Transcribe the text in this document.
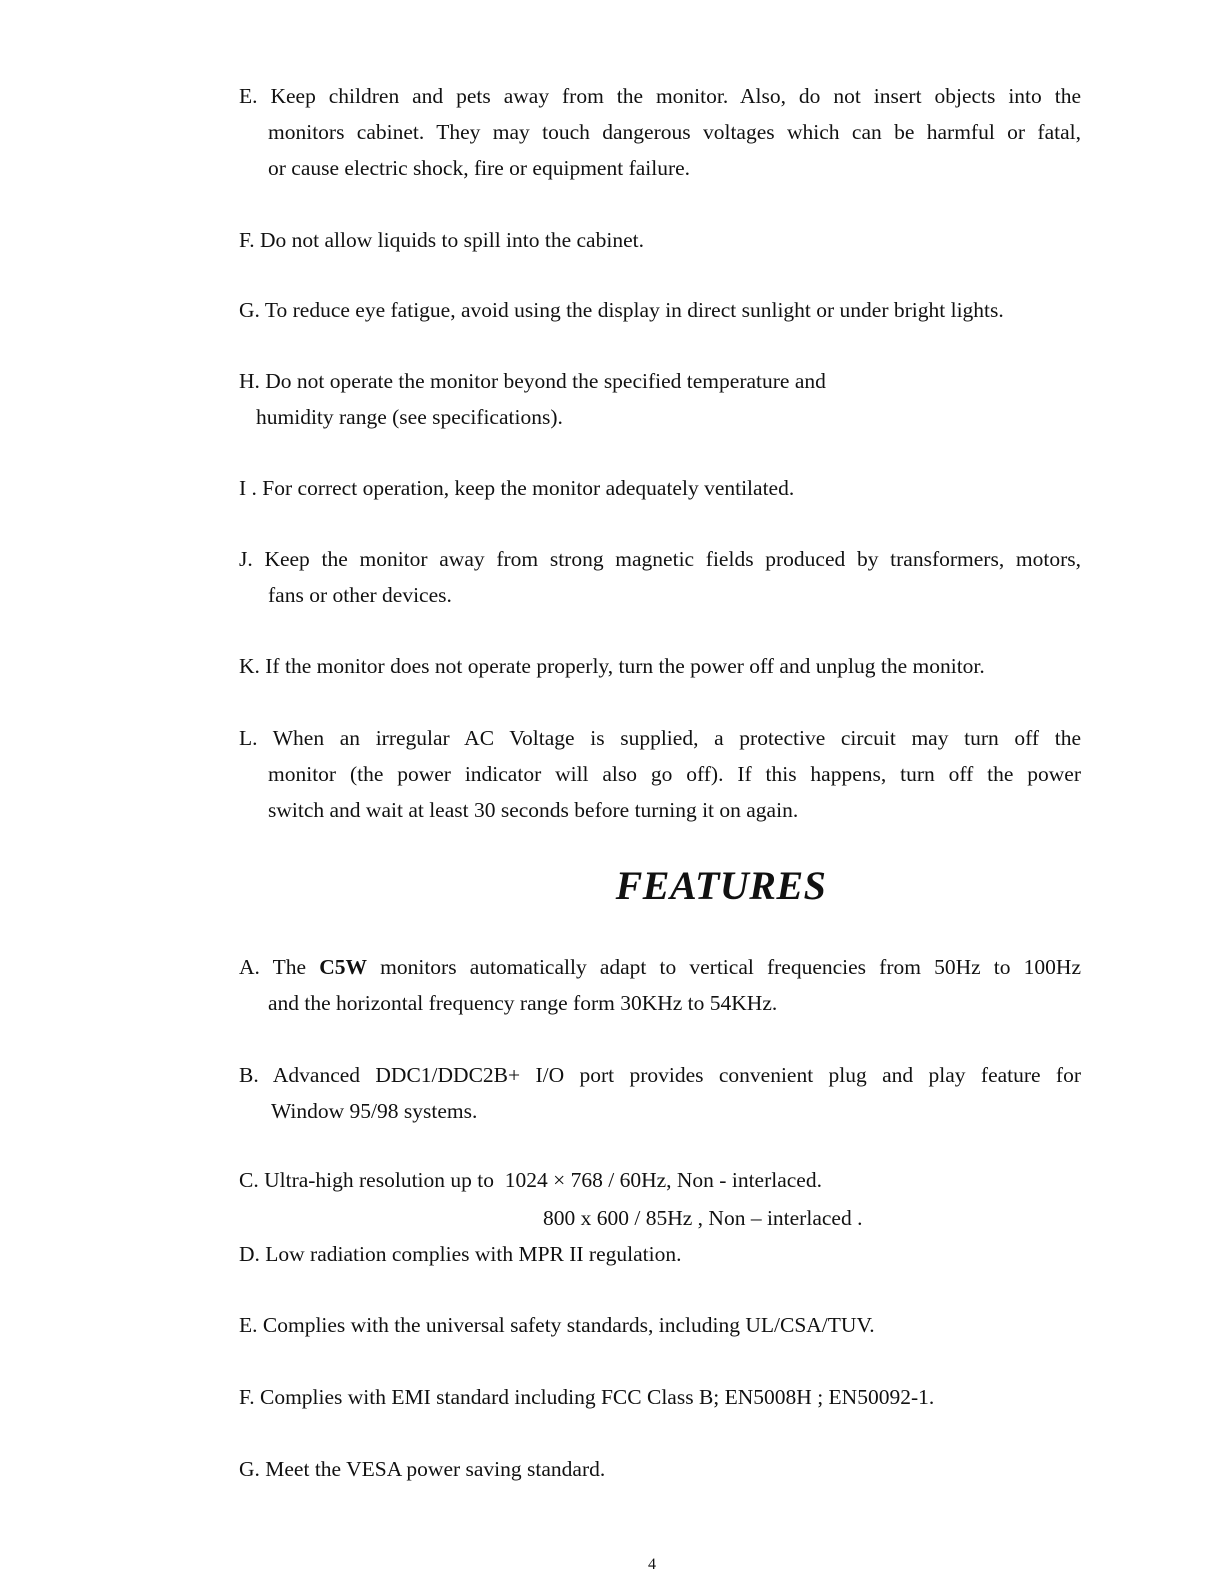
E. Keep children and pets away from the monitor. Also, do not insert objects into the
monitors cabinet. They may touch dangerous voltages which can be harmful or fatal,
or cause electric shock, fire or equipment failure.
F. Do not allow liquids to spill into the cabinet.
G. To reduce eye fatigue, avoid using the display in direct sunlight or under bright lights.
H. Do not operate the monitor beyond the specified temperature and
humidity range (see specifications).
I . For correct operation, keep the monitor adequately ventilated.
J. Keep the monitor away from strong magnetic fields produced by transformers, motors,
fans or other devices.
K. If the monitor does not operate properly, turn the power off and unplug the monitor.
L. When an irregular AC Voltage is supplied, a protective circuit may turn off the
monitor (the power indicator will also go off). If this happens, turn off the power
switch and wait at least 30 seconds before turning it on again.
FEATURES
A. The C5W monitors automatically adapt to vertical frequencies from 50Hz to 100Hz
and the horizontal frequency range form 30KHz to 54KHz.
B. Advanced DDC1/DDC2B+ I/O port provides convenient plug and play feature for
Window 95/98 systems.
C. Ultra-high resolution up to  1024 × 768 / 60Hz, Non - interlaced.
800 x 600 / 85Hz , Non – interlaced .
D. Low radiation complies with MPR II regulation.
E. Complies with the universal safety standards, including UL/CSA/TUV.
F. Complies with EMI standard including FCC Class B; EN5008H ; EN50092-1.
G. Meet the VESA power saving standard.
4
